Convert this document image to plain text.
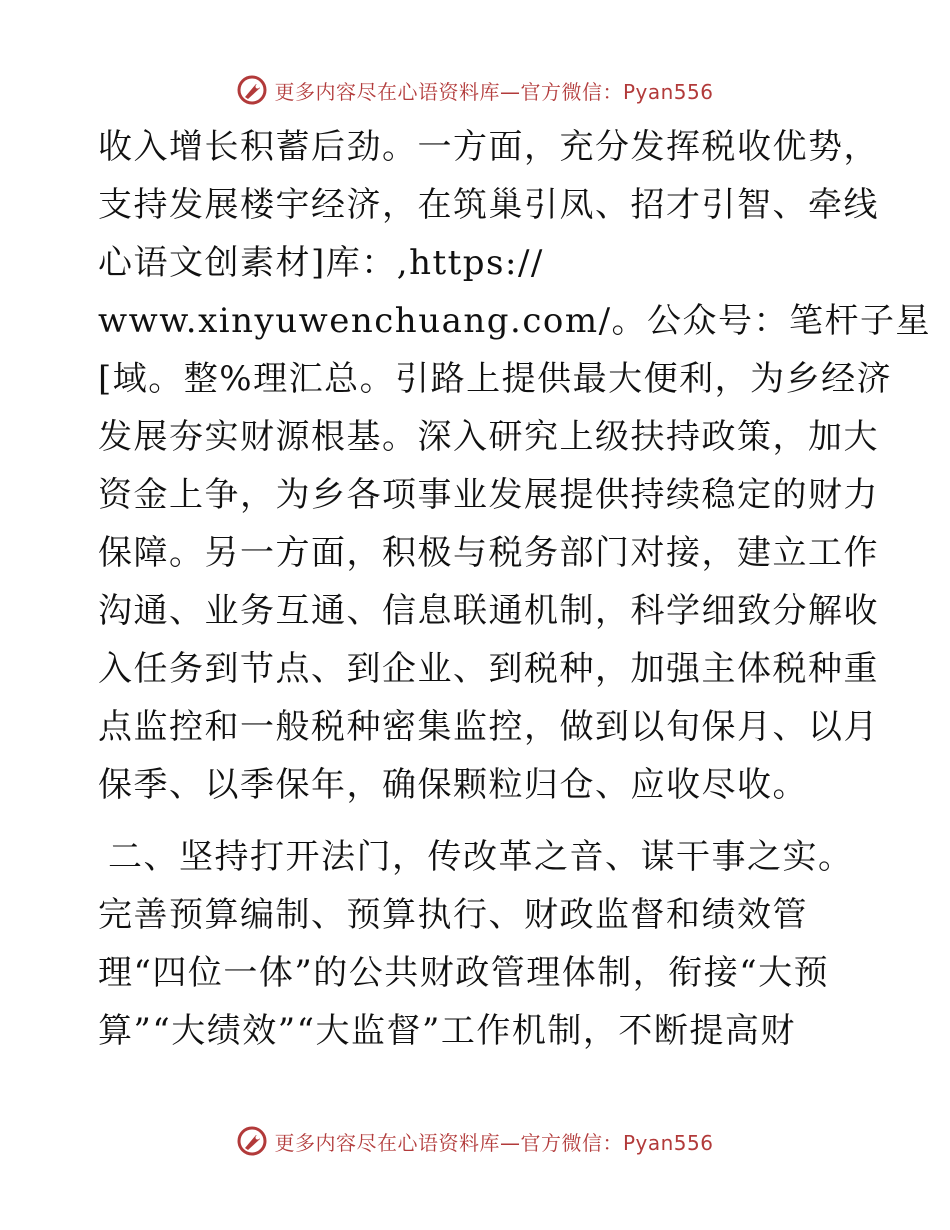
更多内容尽在心语资料库—官方微信：Pyan556
收入增长积蓄后劲。一方面，充分发挥税收优势，
支持发展楼宇经济，在筑巢引凤、招才引智、牵线
心语文创素材]库：,https://
www.xinyuwenchuang.com/。公众号：笔杆子星
[域。整%理汇总。引路上提供最大便利，为乡经济
发展夯实财源根基。深入研究上级扶持政策，加大
资金上争，为乡各项事业发展提供持续稳定的财力
保障。另一方面，积极与税务部门对接，建立工作
沟通、业务互通、信息联通机制，科学细致分解收
入任务到节点、到企业、到税种，加强主体税种重
点监控和一般税种密集监控，做到以旬保月、以月
保季、以季保年，确保颗粒归仓、应收尽收。
二、坚持打开法门，传改革之音、谋干事之实。
完善预算编制、预算执行、财政监督和绩效管
理“四位一体”的公共财政管理体制，衔接“大预
算”“大绩效”“大监督”工作机制，不断提高财
更多内容尽在心语资料库—官方微信：Pyan556
